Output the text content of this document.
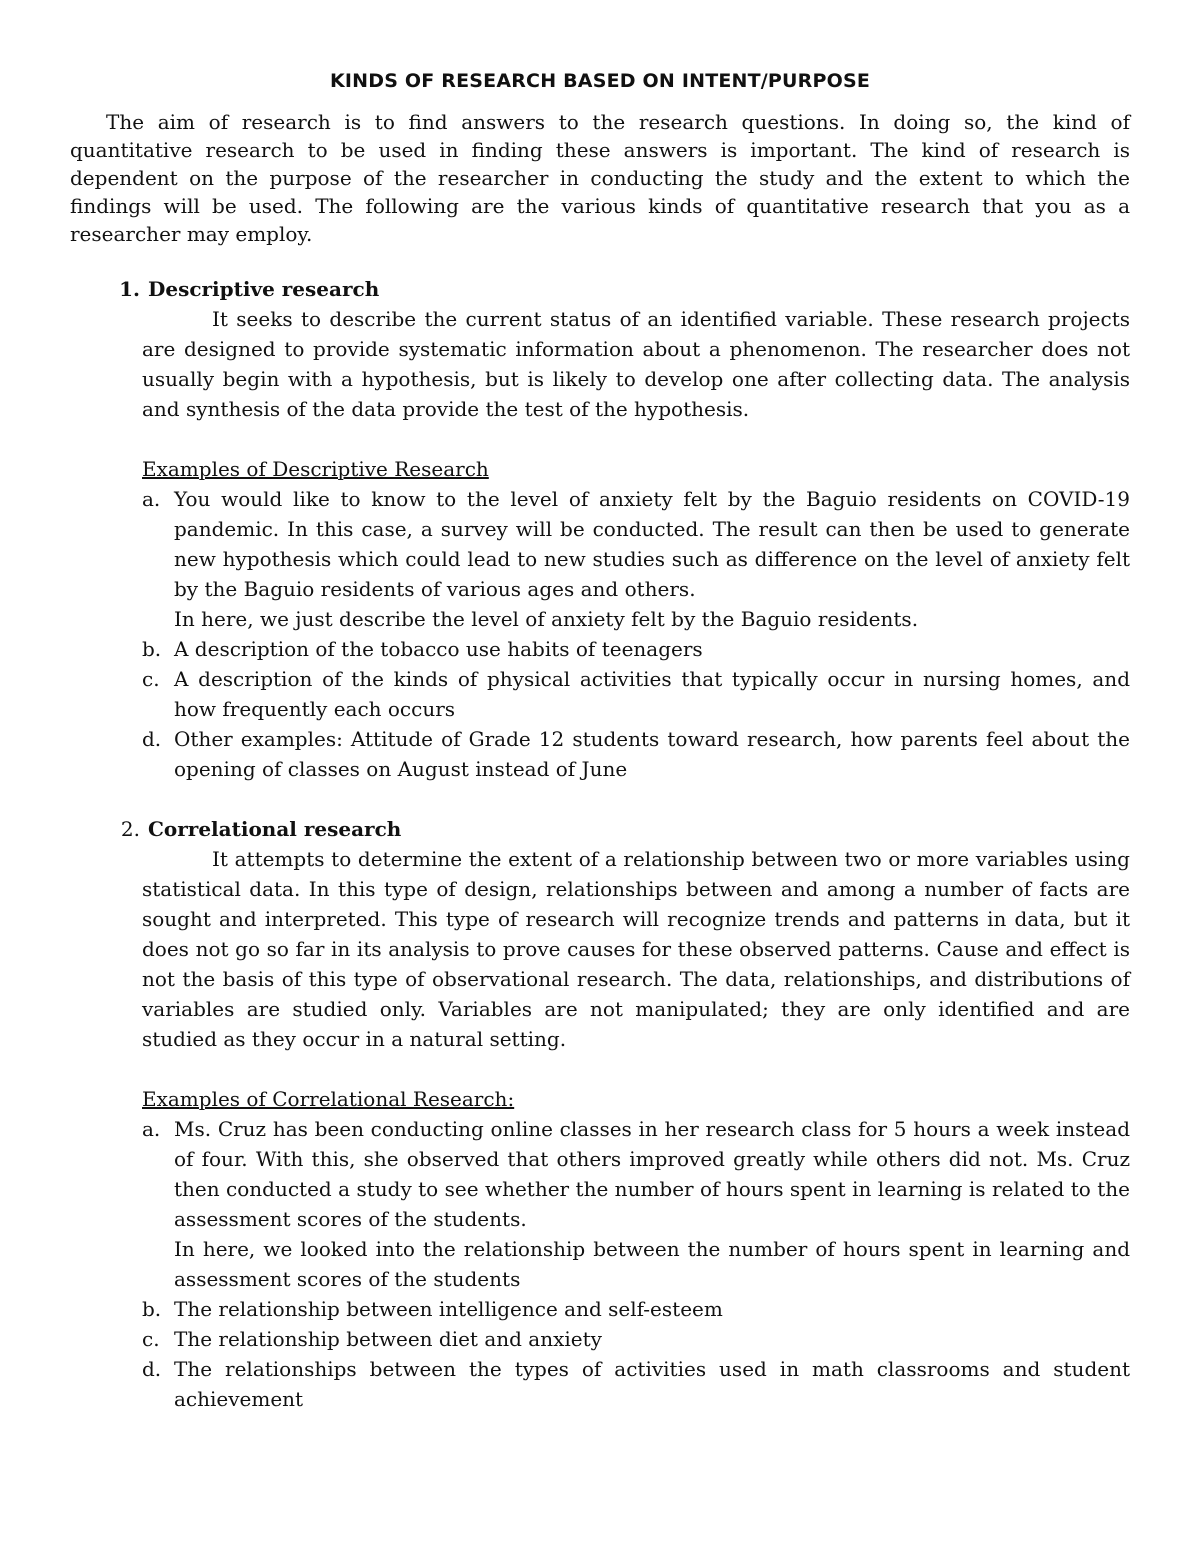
KINDS OF RESEARCH BASED ON INTENT/PURPOSE

The aim of research is to find answers to the research questions. In doing so, the kind of quantitative research to be used in finding these answers is important. The kind of research is dependent on the purpose of the researcher in conducting the study and the extent to which the findings will be used. The following are the various kinds of quantitative research that you as a researcher may employ.

1. Descriptive research

It seeks to describe the current status of an identified variable. These research projects are designed to provide systematic information about a phenomenon. The researcher does not usually begin with a hypothesis, but is likely to develop one after collecting data. The analysis and synthesis of the data provide the test of the hypothesis.

Examples of Descriptive Research

a. You would like to know to the level of anxiety felt by the Baguio residents on COVID-19 pandemic. In this case, a survey will be conducted. The result can then be used to generate new hypothesis which could lead to new studies such as difference on the level of anxiety felt by the Baguio residents of various ages and others.
In here, we just describe the level of anxiety felt by the Baguio residents.
b. A description of the tobacco use habits of teenagers
c. A description of the kinds of physical activities that typically occur in nursing homes, and how frequently each occurs
d. Other examples: Attitude of Grade 12 students toward research, how parents feel about the opening of classes on August instead of June
2. Correlational research

It attempts to determine the extent of a relationship between two or more variables using statistical data. In this type of design, relationships between and among a number of facts are sought and interpreted. This type of research will recognize trends and patterns in data, but it does not go so far in its analysis to prove causes for these observed patterns. Cause and effect is not the basis of this type of observational research. The data, relationships, and distributions of variables are studied only. Variables are not manipulated; they are only identified and are studied as they occur in a natural setting.

Examples of Correlational Research:

a. Ms. Cruz has been conducting online classes in her research class for 5 hours a week instead of four. With this, she observed that others improved greatly while others did not. Ms. Cruz then conducted a study to see whether the number of hours spent in learning is related to the assessment scores of the students.
In here, we looked into the relationship between the number of hours spent in learning and assessment scores of the students
b. The relationship between intelligence and self-esteem
c. The relationship between diet and anxiety
d. The relationships between the types of activities used in math classrooms and student achievement
